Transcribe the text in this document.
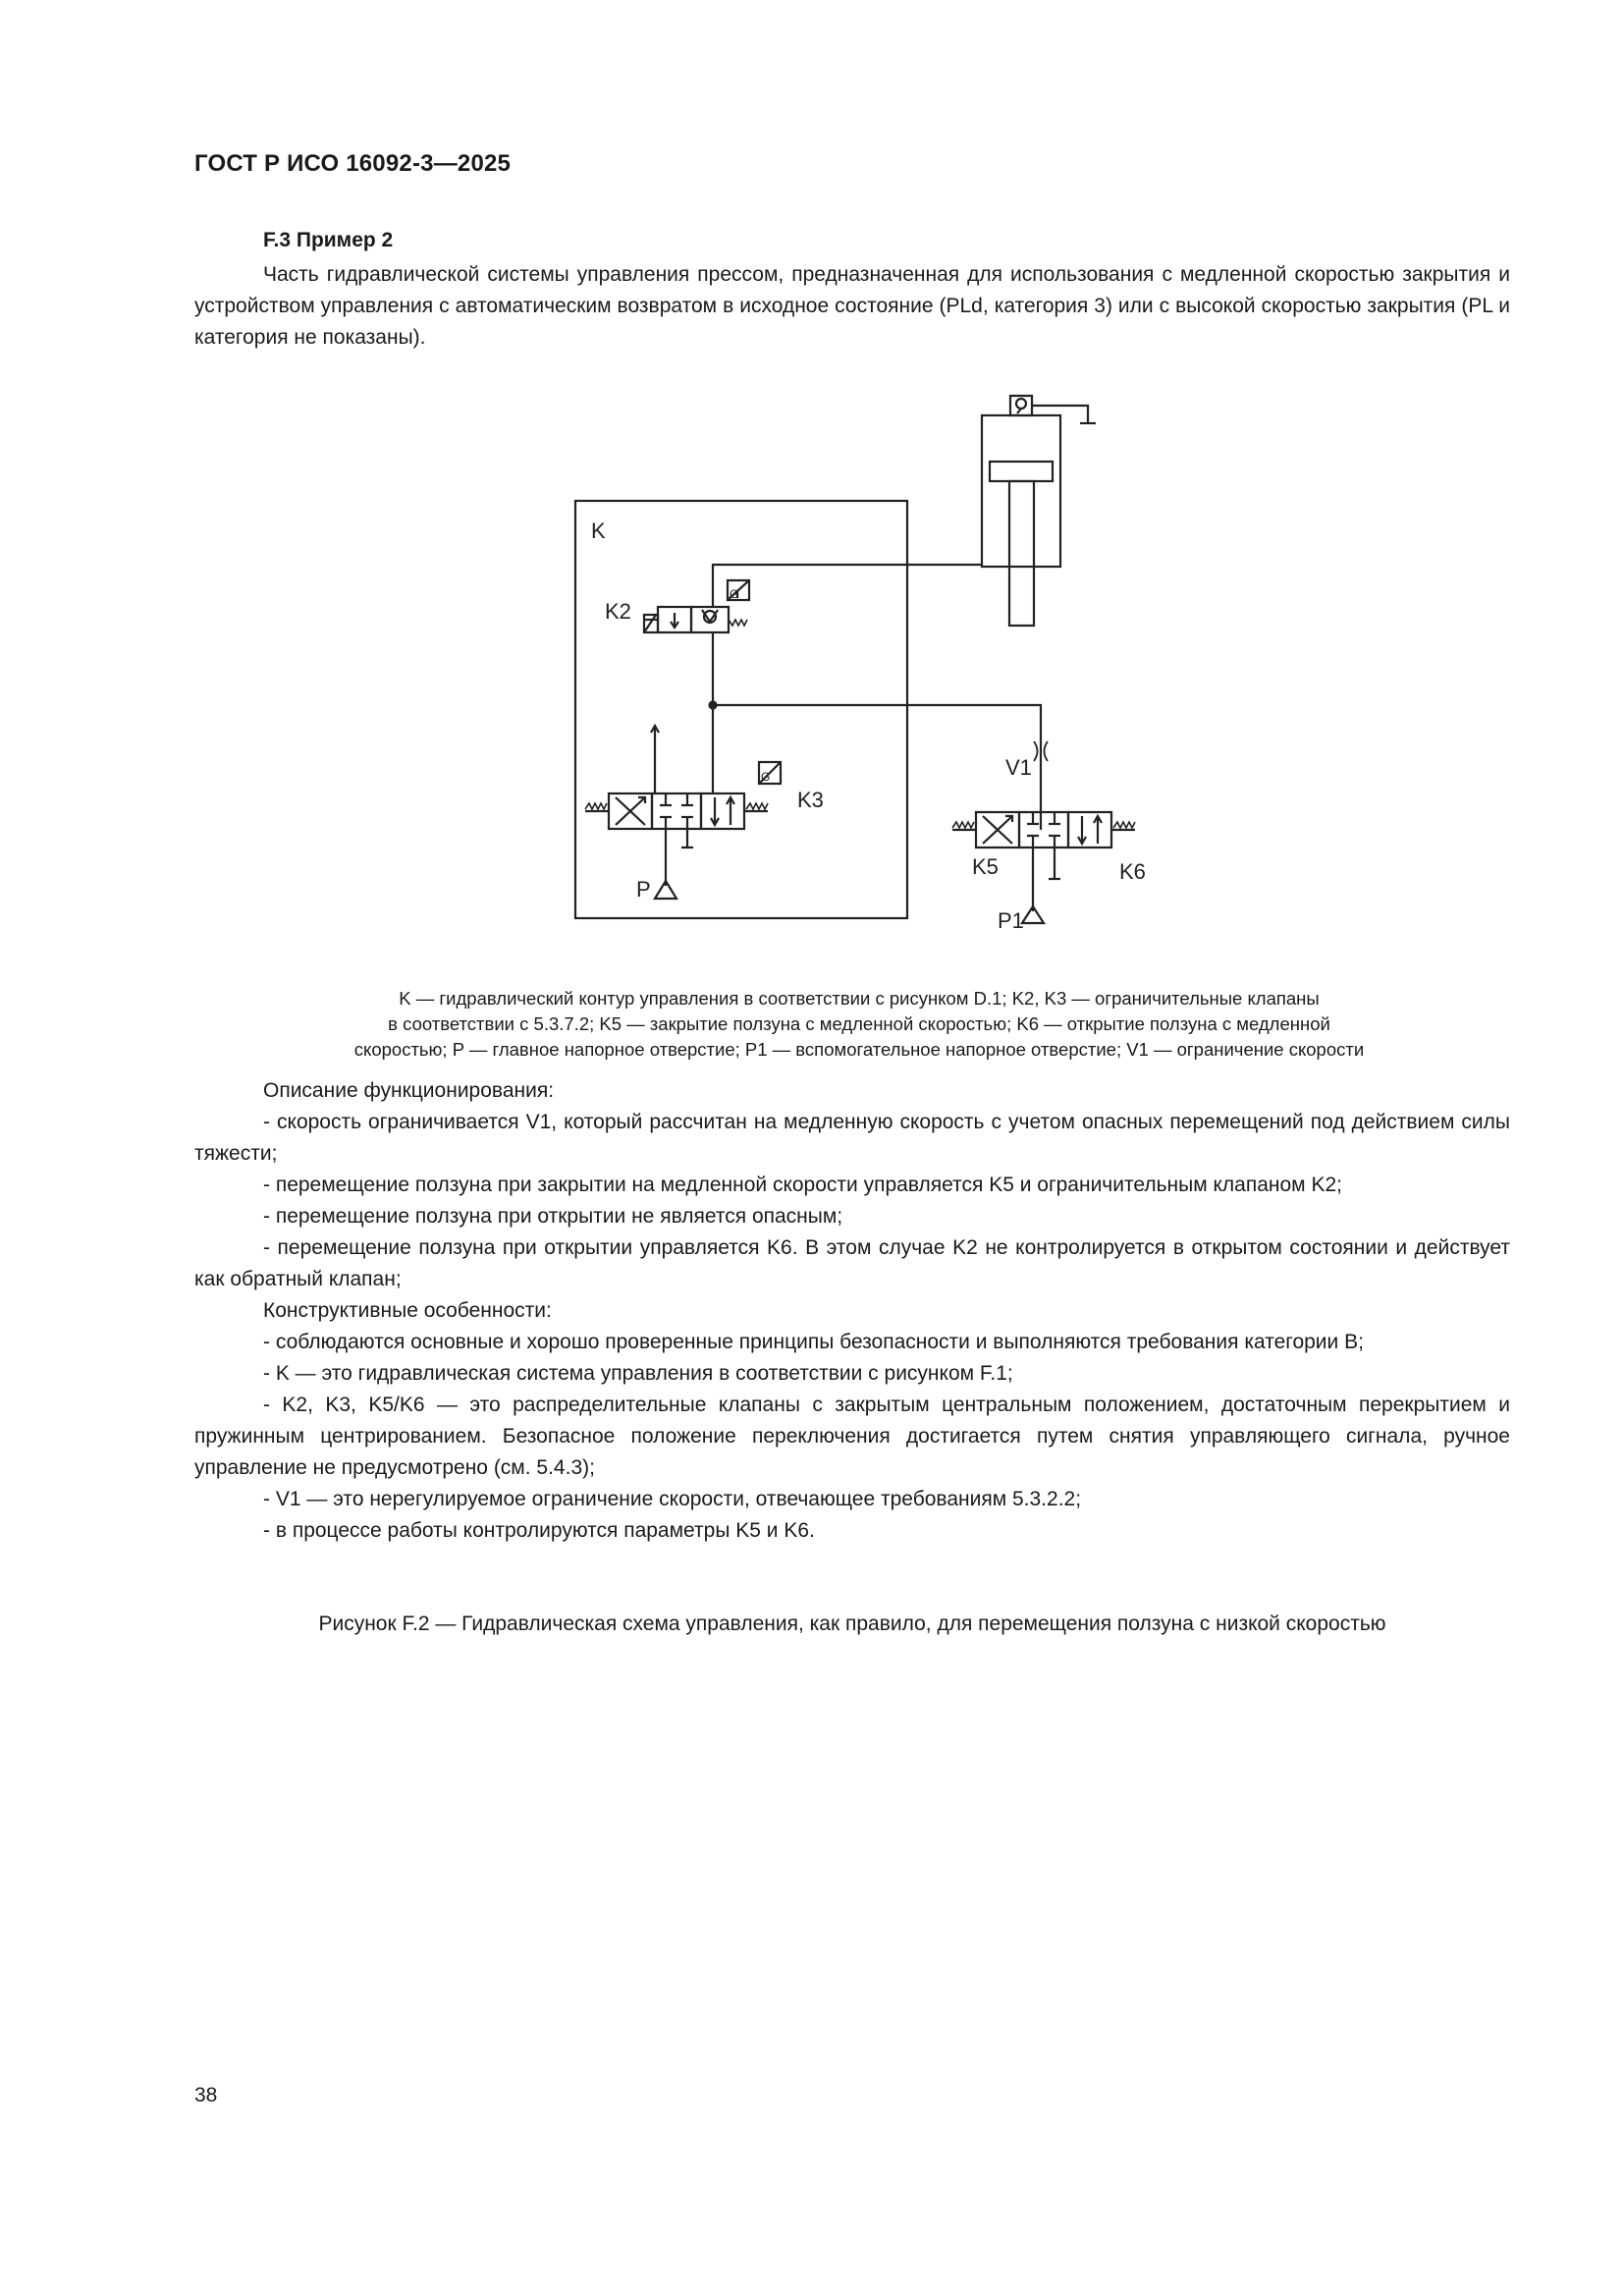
ГОСТ Р ИСО 16092-3—2025
F.3 Пример 2
Часть гидравлической системы управления прессом, предназначенная для использования с медленной скоростью закрытия и устройством управления с автоматическим возвратом в исходное состояние (PLd, категория 3) или с высокой скоростью закрытия (PL и категория не показаны).
K
K2
K3
P
V1
K5	K6
P1
G
G
K — гидравлический контур управления в соответствии с рисунком D.1; K2, K3 — ограничительные клапаны
в соответствии с 5.3.7.2; K5 — закрытие ползуна с медленной скоростью; K6 — открытие ползуна с медленной
скоростью; P — главное напорное отверстие; P1 — вспомогательное напорное отверстие; V1 — ограничение скорости

Описание функционирования:

- скорость ограничивается V1, который рассчитан на медленную скорость с учетом опасных перемещений под действием силы тяжести;

- перемещение ползуна при закрытии на медленной скорости управляется K5 и ограничительным клапаном K2;

- перемещение ползуна при открытии не является опасным;

- перемещение ползуна при открытии управляется K6. В этом случае K2 не контролируется в открытом состоянии и действует как обратный клапан;

Конструктивные особенности:

- соблюдаются основные и хорошо проверенные принципы безопасности и выполняются требования категории B;

- K — это гидравлическая система управления в соответствии с рисунком F.1;

- K2, K3, K5/K6 — это распределительные клапаны с закрытым центральным положением, достаточным перекрытием и пружинным центрированием. Безопасное положение переключения достигается путем снятия управляющего сигнала, ручное управление не предусмотрено (см. 5.4.3);

- V1 — это нерегулируемое ограничение скорости, отвечающее требованиям 5.3.2.2;

- в процессе работы контролируются параметры K5 и K6.

Рисунок F.2 — Гидравлическая схема управления, как правило, для перемещения ползуна с низкой скоростью
38
